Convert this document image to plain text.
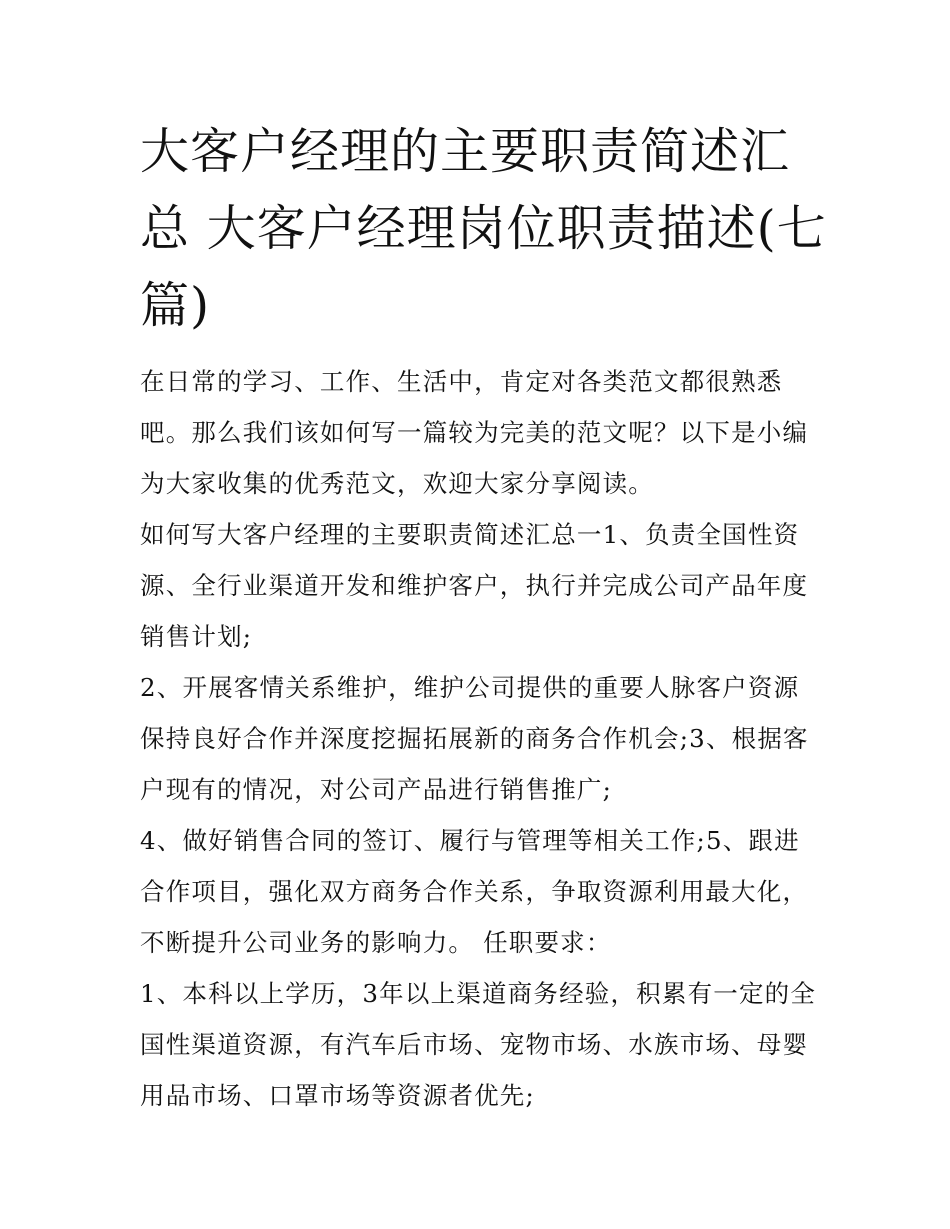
大客户经理的主要职责简述汇总 大客户经理岗位职责描述(七篇)

在日常的学习、工作、生活中，肯定对各类范文都很熟悉吧。那么我们该如何写一篇较为完美的范文呢？以下是小编为大家收集的优秀范文，欢迎大家分享阅读。

如何写大客户经理的主要职责简述汇总一1、负责全国性资源、全行业渠道开发和维护客户，执行并完成公司产品年度销售计划;

2、开展客情关系维护，维护公司提供的重要人脉客户资源保持良好合作并深度挖掘拓展新的商务合作机会;3、根据客户现有的情况，对公司产品进行销售推广;

4、做好销售合同的签订、履行与管理等相关工作;5、跟进合作项目，强化双方商务合作关系，争取资源利用最大化，不断提升公司业务的影响力。 任职要求：

1、本科以上学历，3年以上渠道商务经验，积累有一定的全国性渠道资源，有汽车后市场、宠物市场、水族市场、母婴用品市场、口罩市场等资源者优先;
